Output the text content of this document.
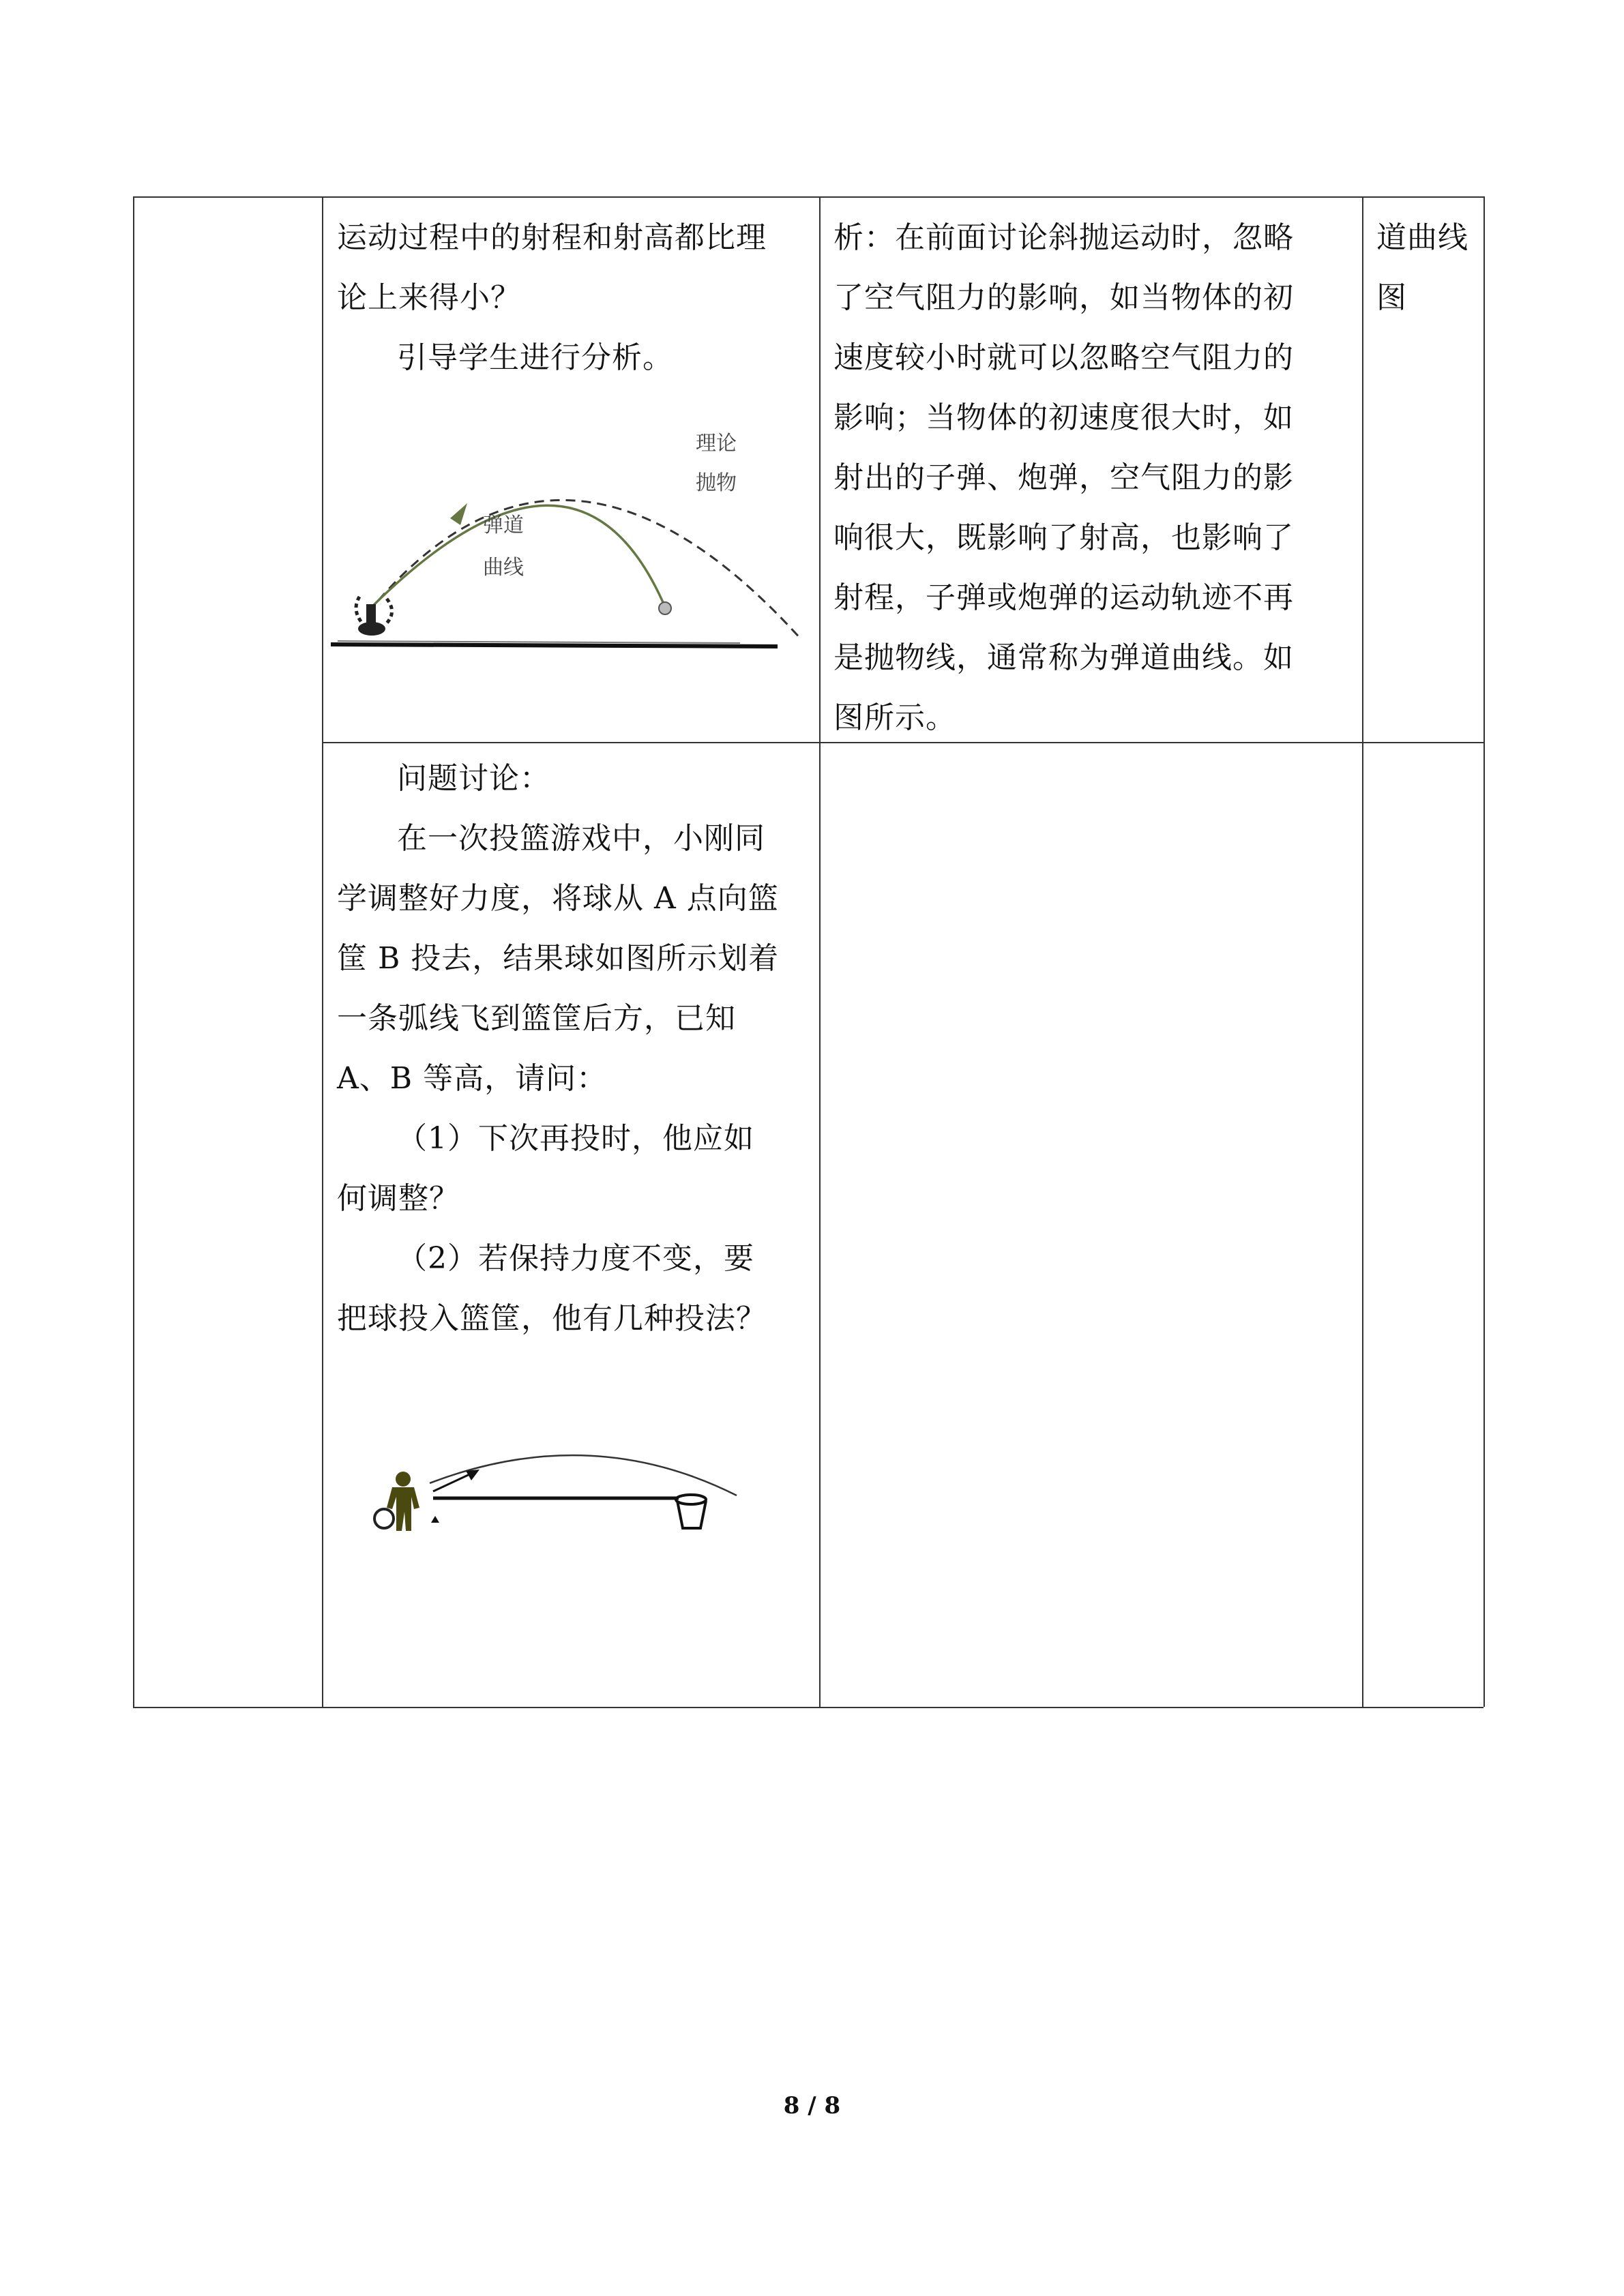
运动过程中的射程和射高都比理

论上来得小？

引导学生进行分析。

理论
抛物
弹道
曲线

析：在前面讨论斜抛运动时，忽略

了空气阻力的影响，如当物体的初

速度较小时就可以忽略空气阻力的

影响；当物体的初速度很大时，如

射出的子弹、炮弹，空气阻力的影

响很大，既影响了射高，也影响了

射程，子弹或炮弹的运动轨迹不再

是抛物线，通常称为弹道曲线。如

图所示。

道曲线

图

问题讨论：

在一次投篮游戏中，小刚同

学调整好力度，将球从 A 点向篮

筐 B 投去，结果球如图所示划着

一条弧线飞到篮筐后方，已知

A、B 等高，请问：

（1）下次再投时，他应如

何调整？

（2）若保持力度不变，要

把球投入篮筐，他有几种投法？

8 / 8
